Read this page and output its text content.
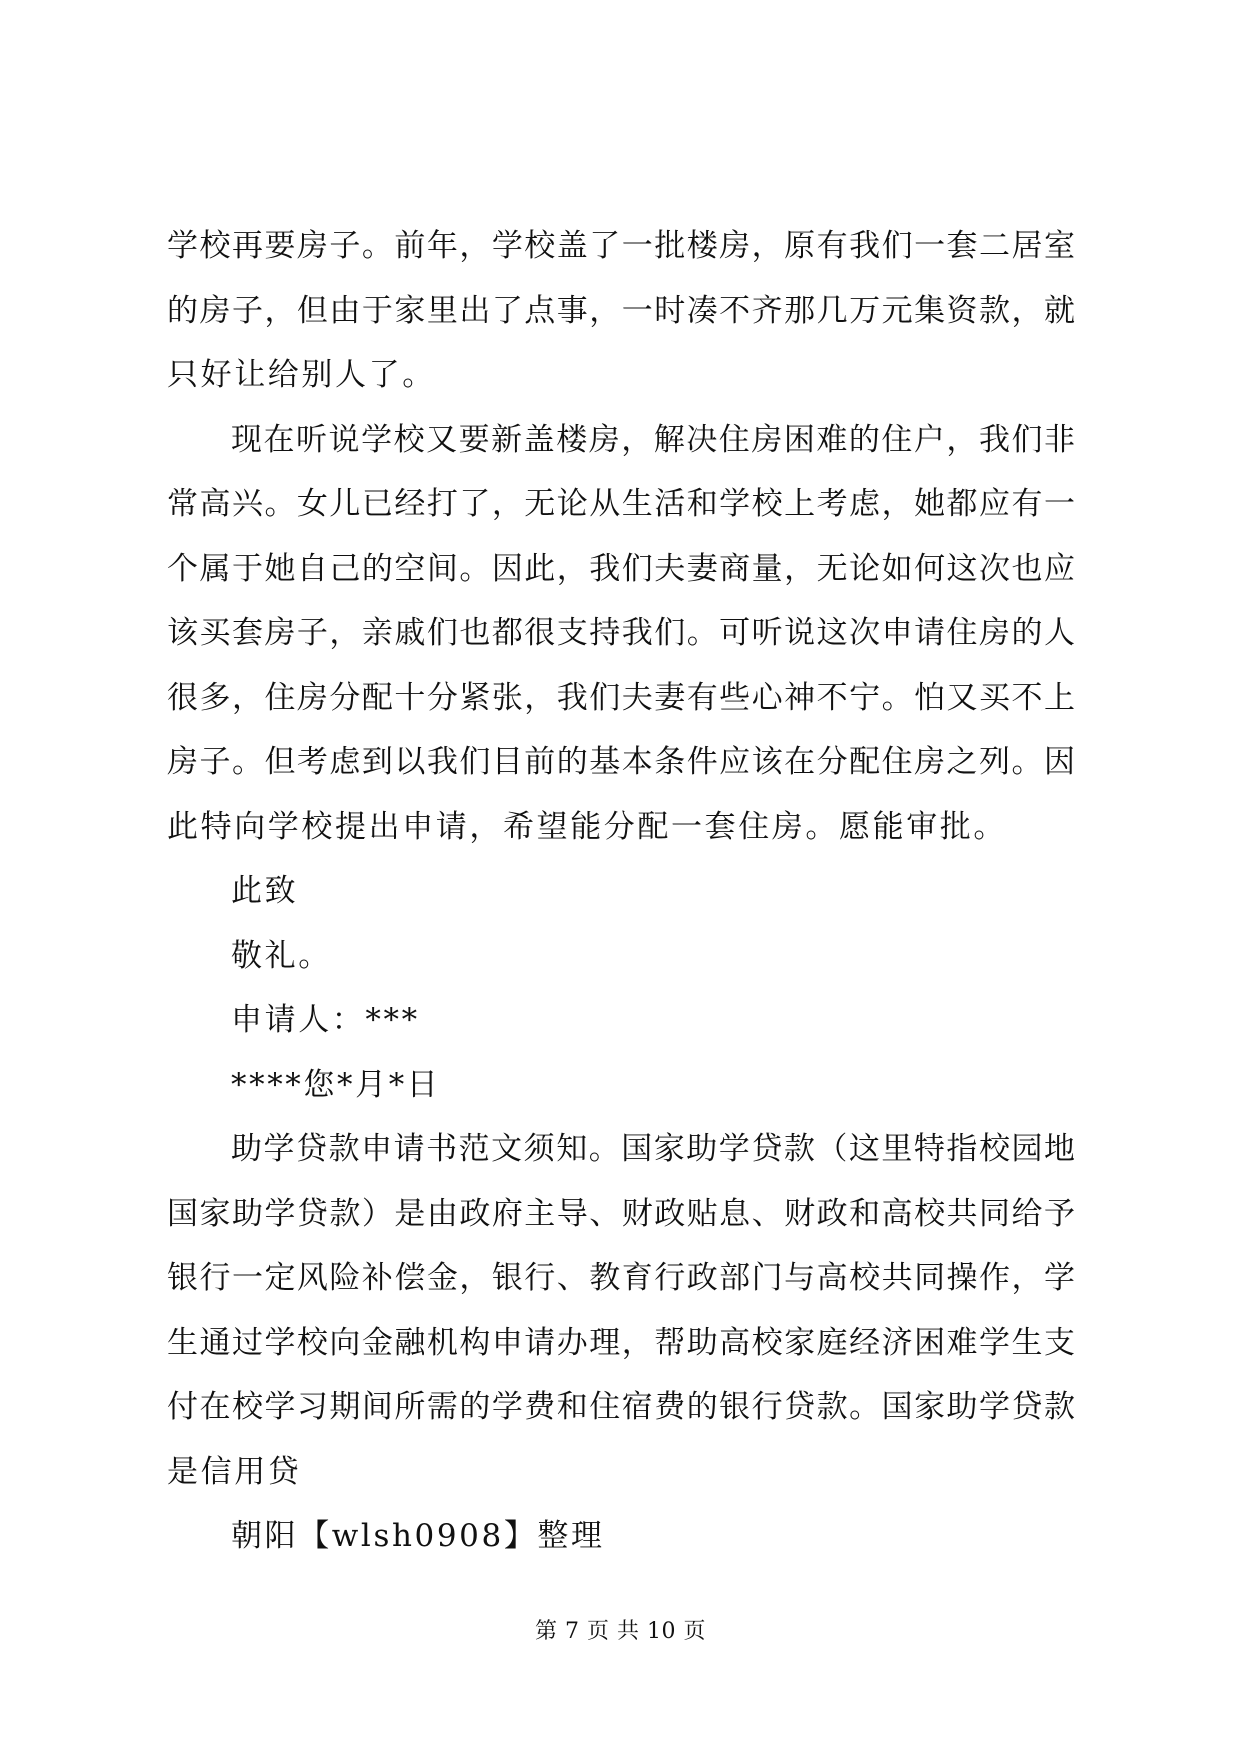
学校再要房子。前年，学校盖了一批楼房，原有我们一套二居室
的房子，但由于家里出了点事，一时凑不齐那几万元集资款，就
只好让给别人了。
现在听说学校又要新盖楼房，解决住房困难的住户，我们非
常高兴。女儿已经打了，无论从生活和学校上考虑，她都应有一
个属于她自己的空间。因此，我们夫妻商量，无论如何这次也应
该买套房子，亲戚们也都很支持我们。可听说这次申请住房的人
很多，住房分配十分紧张，我们夫妻有些心神不宁。怕又买不上
房子。但考虑到以我们目前的基本条件应该在分配住房之列。因
此特向学校提出申请，希望能分配一套住房。愿能审批。
此致
敬礼。
申请人：***
****您*月*日
助学贷款申请书范文须知。国家助学贷款（这里特指校园地
国家助学贷款）是由政府主导、财政贴息、财政和高校共同给予
银行一定风险补偿金，银行、教育行政部门与高校共同操作，学
生通过学校向金融机构申请办理，帮助高校家庭经济困难学生支
付在校学习期间所需的学费和住宿费的银行贷款。国家助学贷款
是信用贷
朝阳【wlsh0908】整理
第 7 页 共 10 页
